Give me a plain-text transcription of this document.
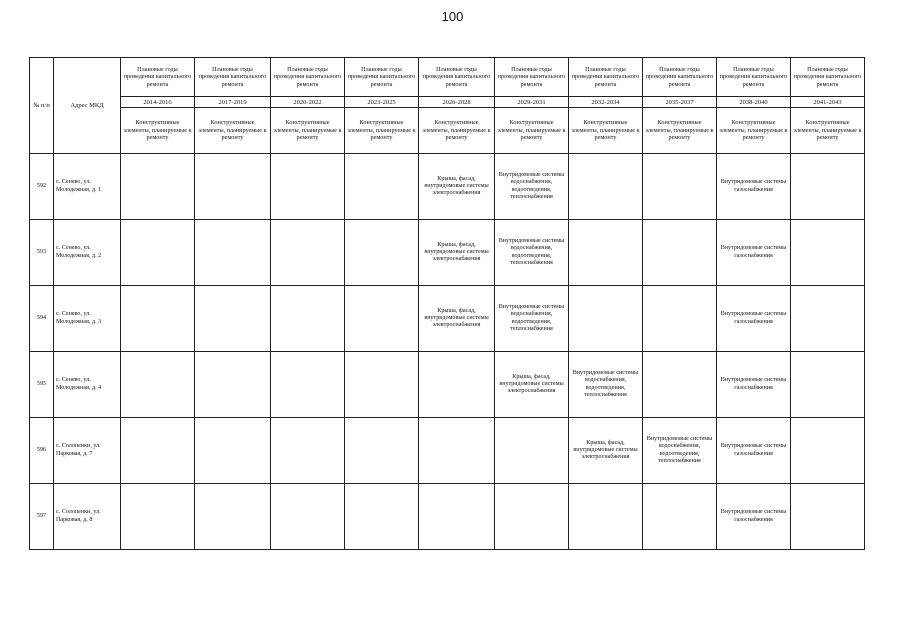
100
№ п/п	Адрес МКД	Плановые годы проведения капитального ремонта	Плановые годы проведения капитального ремонта	Плановые годы проведения капитального ремонта	Плановые годы проведения капитального ремонта	Плановые годы проведения капитального ремонта	Плановые годы проведения капитального ремонта	Плановые годы проведения капитального ремонта	Плановые годы проведения капитального ремонта	Плановые годы проведения капитального ремонта	Плановые годы проведения капитального ремонта
		2014-2016	2017-2019	2020-2022	2023-2025	2026-2028	2029-2031	2032-2034	2035-2037	2038-2040	2041-2043
		Конструктивные элементы, планируемые к ремонту	Конструктивные элементы, планируемые к ремонту	Конструктивные элементы, планируемые к ремонту	Конструктивные элементы, планируемые к ремонту	Конструктивные элементы, планируемые к ремонту	Конструктивные элементы, планируемые к ремонту	Конструктивные элементы, планируемые к ремонту	Конструктивные элементы, планируемые к ремонту	Конструктивные элементы, планируемые к ремонту	Конструктивные элементы, планируемые к ремонту
592	с. Сенево, ул. Молодежная, д. 1					Крыша, фасад, внутридомовые системы электроснабжения	Внутридомовые системы водоснабжения, водоотведения, теплоснабжения			Внутридомовые системы газоснабжения	
593	с. Сенево, ул. Молодежная, д. 2					Крыша, фасад, внутридомовые системы электроснабжения	Внутридомовые системы водоснабжения, водоотведения, теплоснабжения			Внутридомовые системы газоснабжения	
594	с. Сенево, ул. Молодежная, д. 3					Крыша, фасад, внутридомовые системы электроснабжения	Внутридомовые системы водоснабжения, водоотведения, теплоснабжения			Внутридомовые системы газоснабжения	
595	с. Сенево, ул. Молодежная, д. 4						Крыша, фасад, внутридомовые системы электроснабжения	Внутридомовые системы водоснабжения, водоотведения, теплоснабжения		Внутридомовые системы газоснабжения	
596	с. Солопенки, ул. Парковая, д. 7							Крыша, фасад, внутридомовые системы электроснабжения	Внутридомовые системы водоснабжения, водоотведения, теплоснабжения	Внутридомовые системы газоснабжения	
597	с. Солопенки, ул. Парковая, д. 8									Внутридомовые системы газоснабжения	
